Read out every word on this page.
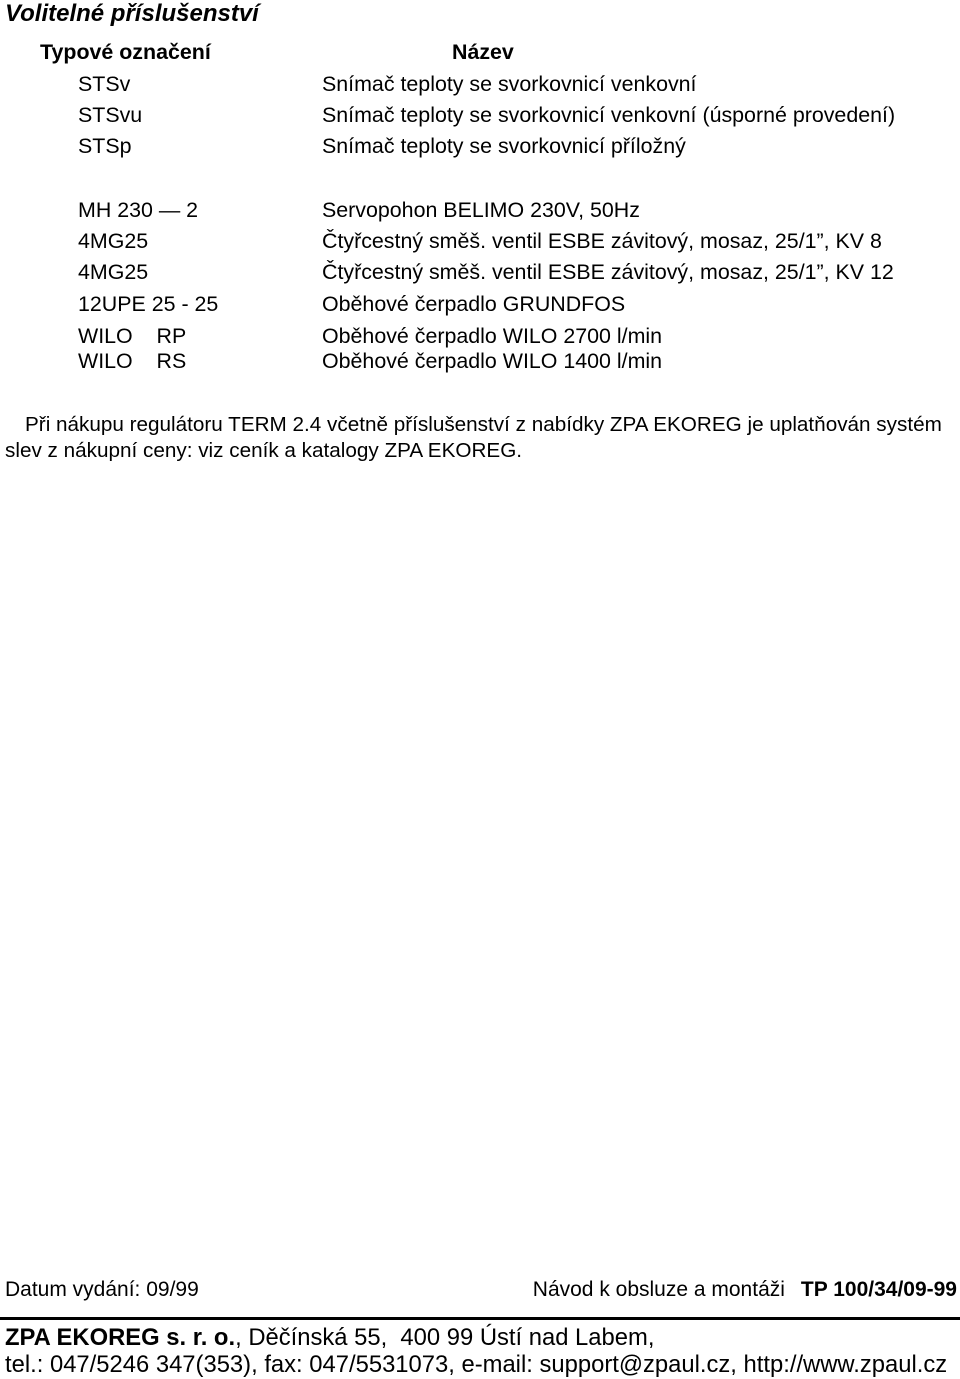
Volitelné příslušenství
Typové označení	Název
STSv	Snímač teploty se svorkovnicí venkovní
STSvu	Snímač teploty se svorkovnicí venkovní (úsporné provedení)
STSp	Snímač teploty se svorkovnicí příložný
MH 230 — 2	Servopohon BELIMO 230V, 50Hz
4MG25	Čtyřcestný směš. ventil ESBE závitový, mosaz, 25/1”, KV 8
4MG25	Čtyřcestný směš. ventil ESBE závitový, mosaz, 25/1”, KV 12
12UPE 25 - 25	Oběhové čerpadlo GRUNDFOS
WILO  RP	Oběhové čerpadlo WILO 2700 l/min
WILO  RS	Oběhové čerpadlo WILO 1400 l/min
Při nákupu regulátoru TERM 2.4 včetně příslušenství z nabídky ZPA EKOREG je uplatňován systém
slev z nákupní ceny: viz ceník a katalogy ZPA EKOREG.
Datum vydání: 09/99	Návod k obsluze a montáži TP 100/34/09-99
ZPA EKOREG s. r. o., Děčínská 55,  400 99 Ústí nad Labem,
tel.: 047/5246 347(353), fax: 047/5531073, e-mail: support@zpaul.cz, http://www.zpaul.cz
